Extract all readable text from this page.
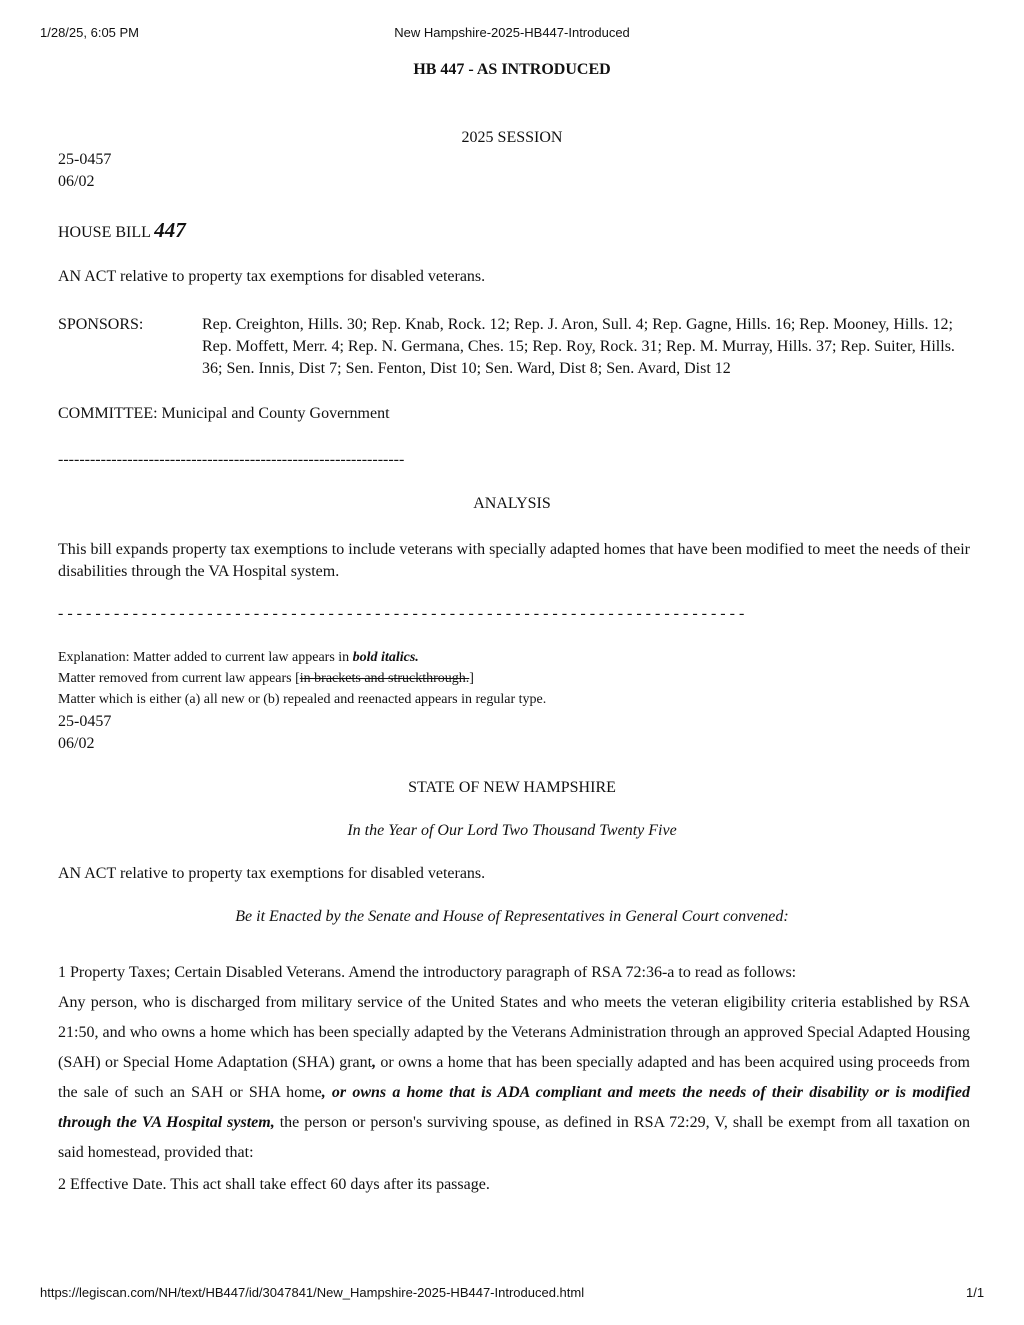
1/28/25, 6:05 PM	New Hampshire-2025-HB447-Introduced
HB 447 - AS INTRODUCED
2025 SESSION
25-0457
06/02
HOUSE BILL 447
AN ACT relative to property tax exemptions for disabled veterans.
SPONSORS:	Rep. Creighton, Hills. 30; Rep. Knab, Rock. 12; Rep. J. Aron, Sull. 4; Rep. Gagne, Hills. 16; Rep. Mooney, Hills. 12; Rep. Moffett, Merr. 4; Rep. N. Germana, Ches. 15; Rep. Roy, Rock. 31; Rep. M. Murray, Hills. 37; Rep. Suiter, Hills. 36; Sen. Innis, Dist 7; Sen. Fenton, Dist 10; Sen. Ward, Dist 8; Sen. Avard, Dist 12
COMMITTEE: Municipal and County Government
-----------------------------------------------------------------
ANALYSIS
This bill expands property tax exemptions to include veterans with specially adapted homes that have been modified to meet the needs of their disabilities through the VA Hospital system.
- - - - - - - - - - - - - - - - - - - - - - - - - - - - - - - - - - - - - - - - - - - - - - - - - - - - - - - - - - - - - - - - - - - - - - - - - -
Explanation: Matter added to current law appears in bold italics.
Matter removed from current law appears [in brackets and struckthrough.]
Matter which is either (a) all new or (b) repealed and reenacted appears in regular type.
25-0457
06/02
STATE OF NEW HAMPSHIRE
In the Year of Our Lord Two Thousand Twenty Five
AN ACT relative to property tax exemptions for disabled veterans.
Be it Enacted by the Senate and House of Representatives in General Court convened:
1 Property Taxes; Certain Disabled Veterans. Amend the introductory paragraph of RSA 72:36-a to read as follows:
Any person, who is discharged from military service of the United States and who meets the veteran eligibility criteria established by RSA 21:50, and who owns a home which has been specially adapted by the Veterans Administration through an approved Special Adapted Housing (SAH) or Special Home Adaptation (SHA) grant, or owns a home that has been specially adapted and has been acquired using proceeds from the sale of such an SAH or SHA home, or owns a home that is ADA compliant and meets the needs of their disability or is modified through the VA Hospital system, the person or person's surviving spouse, as defined in RSA 72:29, V, shall be exempt from all taxation on said homestead, provided that:
2 Effective Date. This act shall take effect 60 days after its passage.
https://legiscan.com/NH/text/HB447/id/3047841/New_Hampshire-2025-HB447-Introduced.html	1/1
